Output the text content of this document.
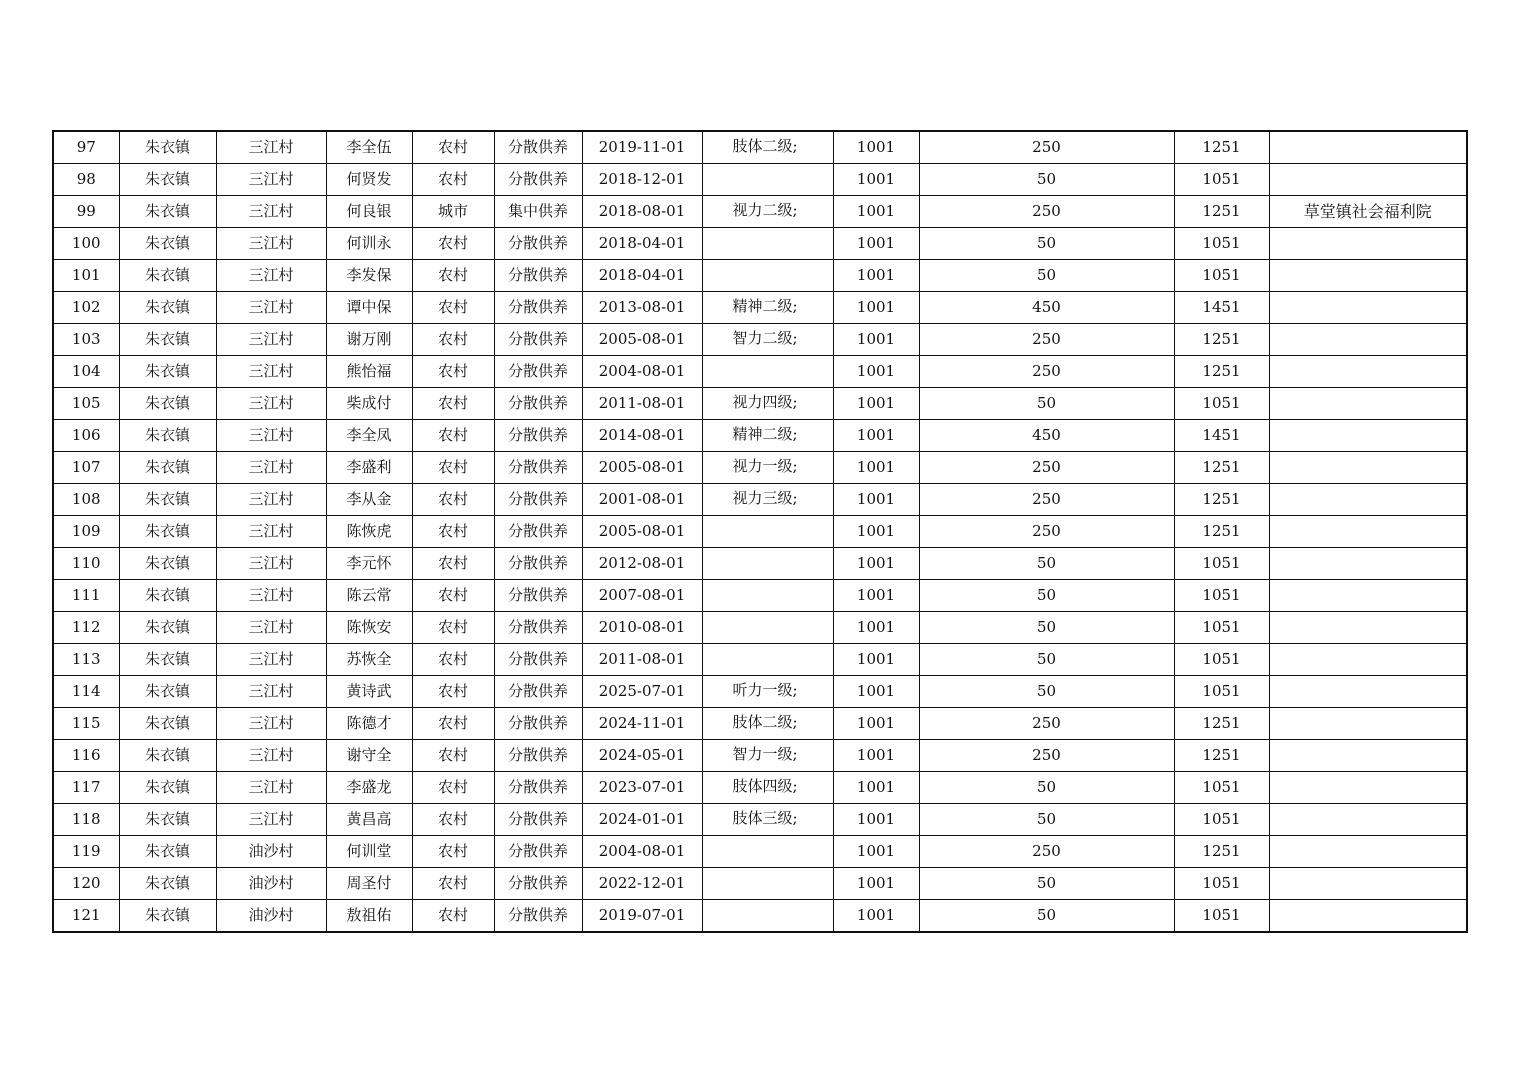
97	朱衣镇	三江村	李全伍	农村	分散供养	2019-11-01	肢体二级;	1001	250	1251	
98	朱衣镇	三江村	何贤发	农村	分散供养	2018-12-01		1001	50	1051	
99	朱衣镇	三江村	何良银	城市	集中供养	2018-08-01	视力二级;	1001	250	1251	草堂镇社会福利院
100	朱衣镇	三江村	何训永	农村	分散供养	2018-04-01		1001	50	1051	
101	朱衣镇	三江村	李发保	农村	分散供养	2018-04-01		1001	50	1051	
102	朱衣镇	三江村	谭中保	农村	分散供养	2013-08-01	精神二级;	1001	450	1451	
103	朱衣镇	三江村	谢万刚	农村	分散供养	2005-08-01	智力二级;	1001	250	1251	
104	朱衣镇	三江村	熊怡福	农村	分散供养	2004-08-01		1001	250	1251	
105	朱衣镇	三江村	柴成付	农村	分散供养	2011-08-01	视力四级;	1001	50	1051	
106	朱衣镇	三江村	李全凤	农村	分散供养	2014-08-01	精神二级;	1001	450	1451	
107	朱衣镇	三江村	李盛利	农村	分散供养	2005-08-01	视力一级;	1001	250	1251	
108	朱衣镇	三江村	李从金	农村	分散供养	2001-08-01	视力三级;	1001	250	1251	
109	朱衣镇	三江村	陈恢虎	农村	分散供养	2005-08-01		1001	250	1251	
110	朱衣镇	三江村	李元怀	农村	分散供养	2012-08-01		1001	50	1051	
111	朱衣镇	三江村	陈云常	农村	分散供养	2007-08-01		1001	50	1051	
112	朱衣镇	三江村	陈恢安	农村	分散供养	2010-08-01		1001	50	1051	
113	朱衣镇	三江村	苏恢全	农村	分散供养	2011-08-01		1001	50	1051	
114	朱衣镇	三江村	黄诗武	农村	分散供养	2025-07-01	听力一级;	1001	50	1051	
115	朱衣镇	三江村	陈德才	农村	分散供养	2024-11-01	肢体二级;	1001	250	1251	
116	朱衣镇	三江村	谢守全	农村	分散供养	2024-05-01	智力一级;	1001	250	1251	
117	朱衣镇	三江村	李盛龙	农村	分散供养	2023-07-01	肢体四级;	1001	50	1051	
118	朱衣镇	三江村	黄昌高	农村	分散供养	2024-01-01	肢体三级;	1001	50	1051	
119	朱衣镇	油沙村	何训堂	农村	分散供养	2004-08-01		1001	250	1251	
120	朱衣镇	油沙村	周圣付	农村	分散供养	2022-12-01		1001	50	1051	
121	朱衣镇	油沙村	敖祖佑	农村	分散供养	2019-07-01		1001	50	1051	
